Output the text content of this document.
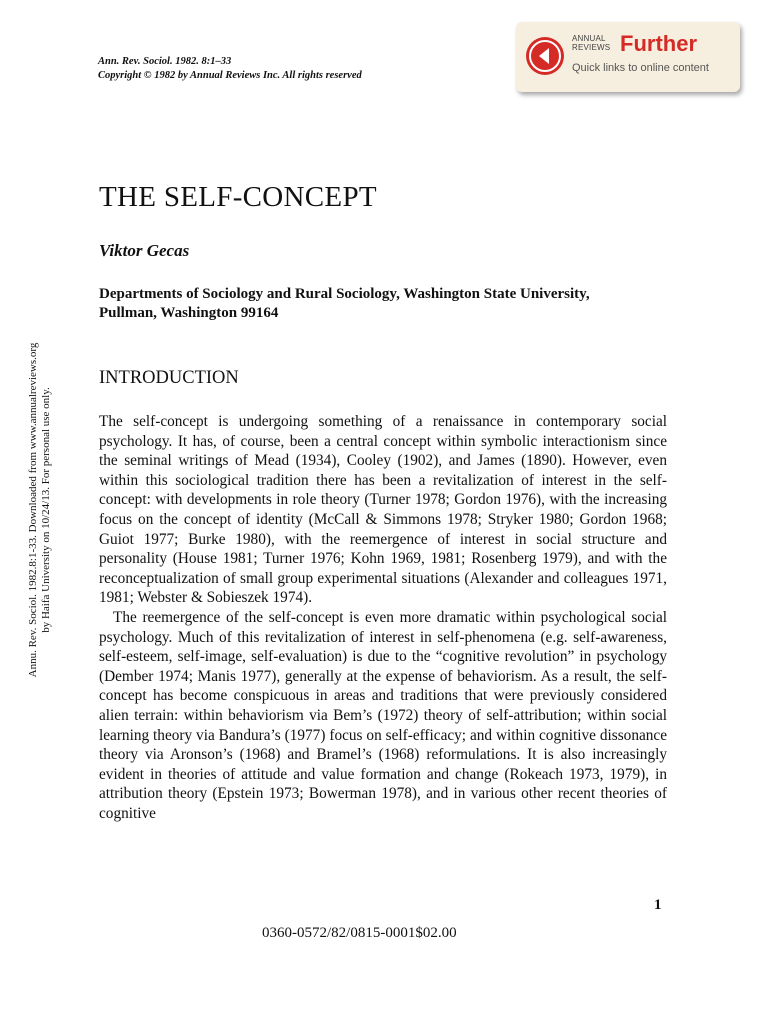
Ann. Rev. Sociol. 1982. 8:1–33
Copyright © 1982 by Annual Reviews Inc. All rights reserved
ANNUAL
REVIEWS Further
Quick links to online content
Annu. Rev. Sociol. 1982.8:1-33. Downloaded from www.annualreviews.org by Haifa University on 10/24/13. For personal use only.
THE SELF-CONCEPT
Viktor Gecas
Departments of Sociology and Rural Sociology, Washington State University, Pullman, Washington 99164
INTRODUCTION

The self-concept is undergoing something of a renaissance in contemporary social psychology. It has, of course, been a central concept within symbolic interactionism since the seminal writings of Mead (1934), Cooley (1902), and James (1890). However, even within this sociological tradition there has been a revitalization of interest in the self-concept: with developments in role theory (Turner 1978; Gordon 1976), with the increasing focus on the concept of identity (McCall & Simmons 1978; Stryker 1980; Gordon 1968; Guiot 1977; Burke 1980), with the reemergence of interest in social structure and personality (House 1981; Turner 1976; Kohn 1969, 1981; Rosenberg 1979), and with the reconceptualization of small group experimental situations (Alexander and colleagues 1971, 1981; Webster & Sobieszek 1974).

The reemergence of the self-concept is even more dramatic within psychological social psychology. Much of this revitalization of interest in self-phenomena (e.g. self-awareness, self-esteem, self-image, self-evaluation) is due to the “cognitive revolution” in psychology (Dember 1974; Manis 1977), generally at the expense of behaviorism. As a result, the self-concept has become conspicuous in areas and traditions that were previously considered alien terrain: within behaviorism via Bem’s (1972) theory of self-attribution; within social learning theory via Bandura’s (1977) focus on self-efficacy; and within cognitive dissonance theory via Aronson’s (1968) and Bramel’s (1968) reformulations. It is also increasingly evident in theories of attitude and value formation and change (Rokeach 1973, 1979), in attribution theory (Epstein 1973; Bowerman 1978), and in various other recent theories of cognitive

1
0360-0572/82/0815-0001$02.00
